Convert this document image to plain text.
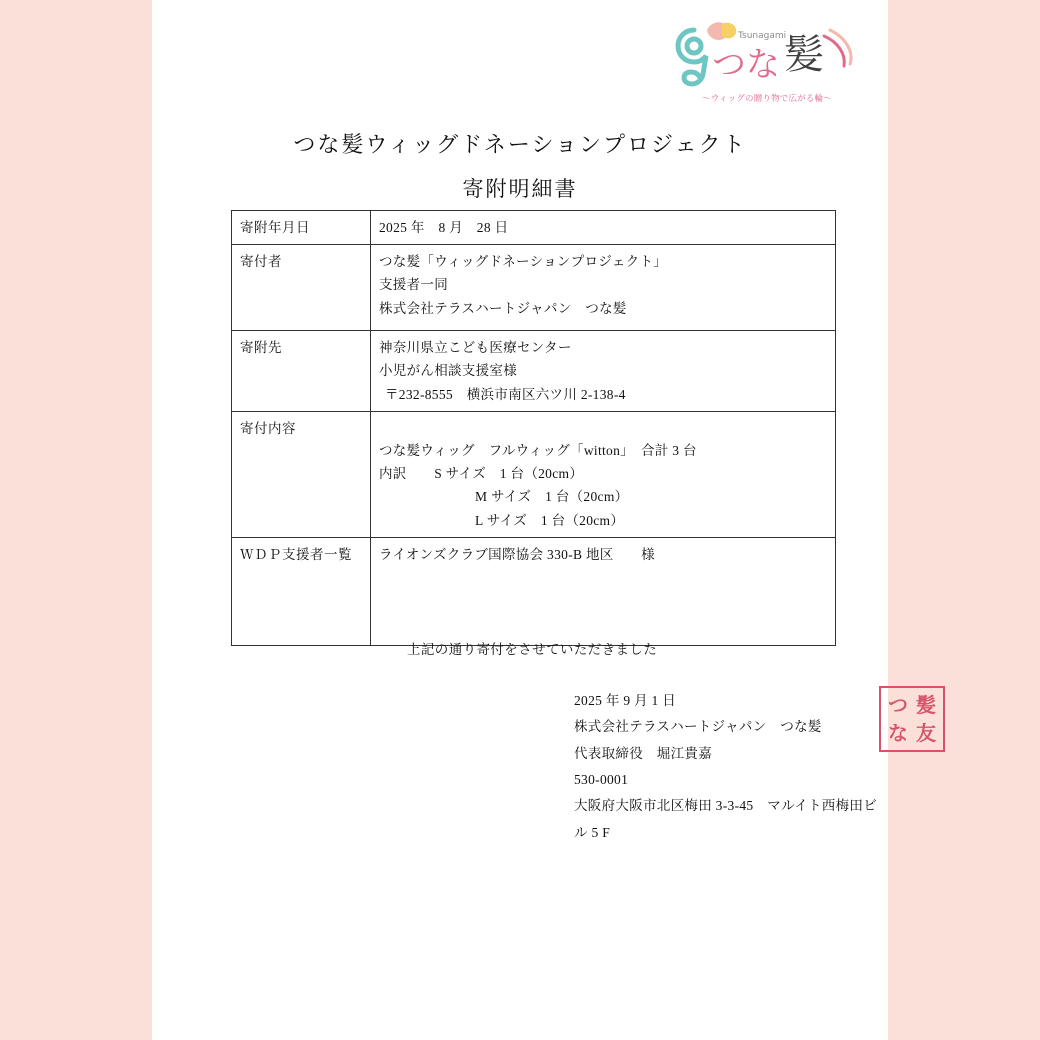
Tsunagami
つな 髪
〜ウィッグの贈り物で広がる輪〜
つな髪ウィッグドネーションプロジェクト
寄附明細書
寄附年月日	2025 年　8 月　28 日

寄付者	つな髪「ウィッグドネーションプロジェクト」
支援者一同
株式会社テラスハートジャパン　つな髪

寄附先	神奈川県立こども医療センター
小児がん相談支援室様
〒232-8555　横浜市南区六ツ川 2-138-4

寄付内容	つな髪ウィッグ　フルウィッグ「witton」　合計 3 台
内訳　　S サイズ　1 台（20cm）
M サイズ　1 台（20cm）
L サイズ　1 台（20cm）

ＷＤＰ支援者一覧	ライオンズクラブ国際協会 330-B 地区　　様
上記の通り寄付をさせていただきました
2025 年 9 月 1 日
株式会社テラスハートジャパン　つな髪
代表取締役　堀江貴嘉
530-0001
大阪府大阪市北区梅田 3-3-45　マルイト西梅田ビル 5 F
つ 髪
な 友
